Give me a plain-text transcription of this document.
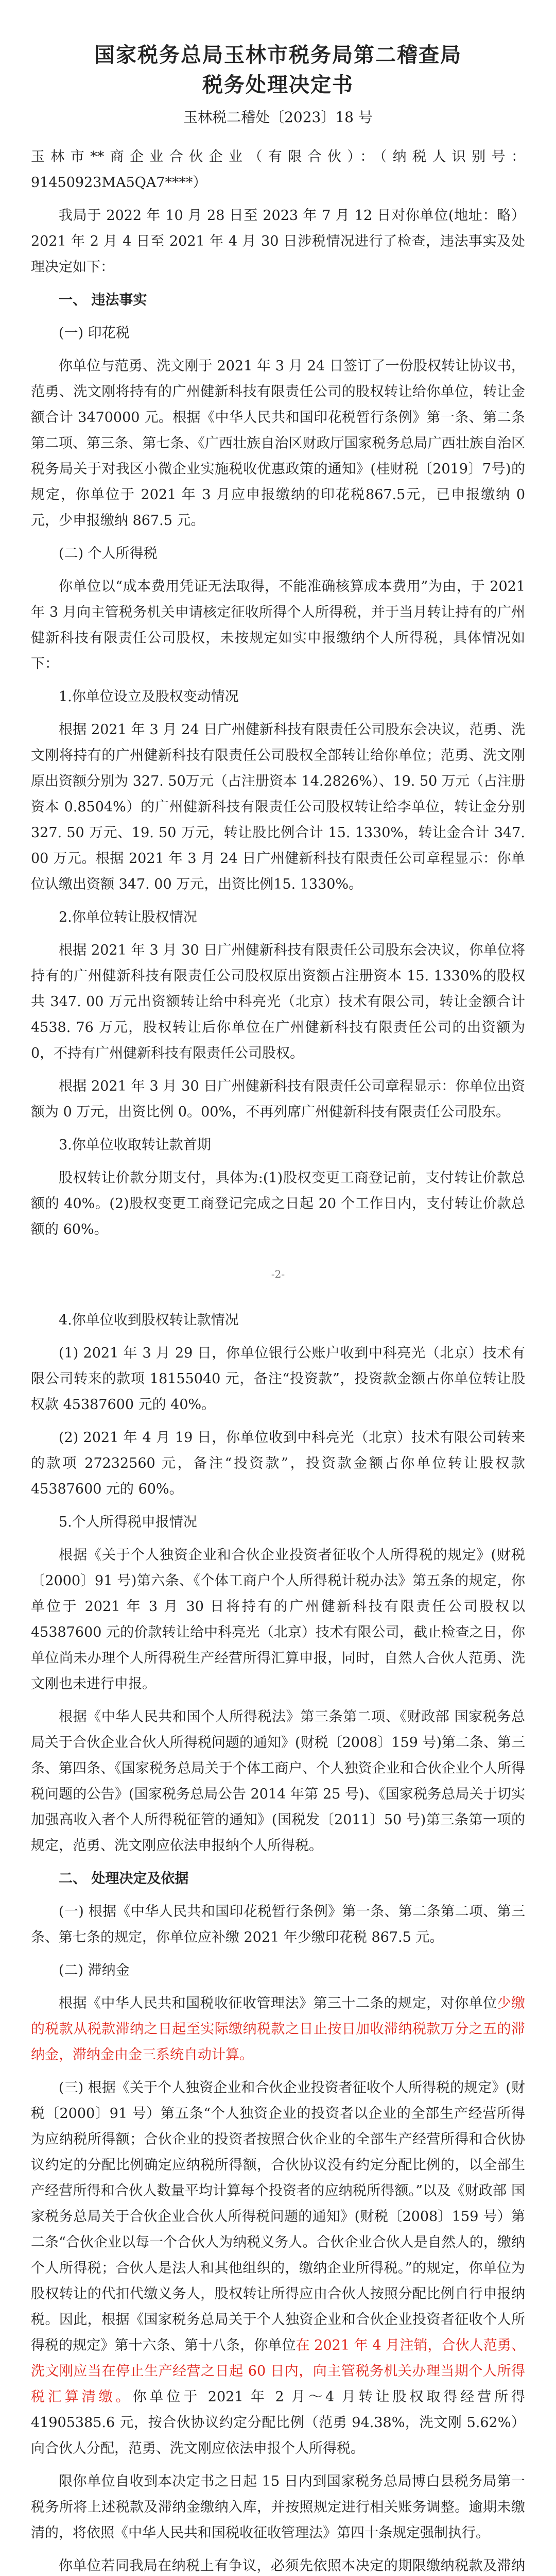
国家税务总局玉林市税务局第二稽查局
税务处理决定书
玉林税二稽处〔2023〕18 号

玉林市**商企业合伙企业（有限合伙）：（纳税人识别号：91450923MA5QA7****）

我局于 2022 年 10 月 28 日至 2023 年 7 月 12 日对你单位(地址：略）2021 年 2 月 4 日至 2021 年 4 月 30 日涉税情况进行了检查，违法事实及处理决定如下：

一、 违法事实

(一) 印花税

你单位与范勇、洗文刚于 2021 年 3 月 24 日签订了一份股权转让协议书，范勇、洗文刚将持有的广州健新科技有限责任公司的股权转让给你单位，转让金额合计 3470000 元。根据《中华人民共和国印花税暂行条例》第一条、第二条第二项、第三条、第七条、《广西壮族自治区财政厅国家税务总局广西壮族自治区税务局关于对我区小微企业实施税收优惠政策的通知》(桂财税〔2019〕7号)的规定，你单位于 2021 年 3 月应申报缴纳的印花税867.5元，已申报缴纳 0 元，少申报缴纳 867.5 元。

(二) 个人所得税

你单位以“成本费用凭证无法取得，不能准确核算成本费用”为由，于 2021 年 3 月向主管税务机关申请核定征收所得个人所得税，并于当月转让持有的广州健新科技有限责任公司股权，未按规定如实申报缴纳个人所得税，具体情况如下：

1.你单位设立及股权变动情况

根据 2021 年 3 月 24 日广州健新科技有限责任公司股东会决议，范勇、洗文刚将持有的广州健新科技有限责任公司股权全部转让给你单位；范勇、洗文刚原出资额分别为 327. 50万元（占注册资本 14.2826%）、19. 50 万元（占注册资本 0.8504%）的广州健新科技有限责任公司股权转让给李单位，转让金分别327. 50 万元、19. 50 万元，转让股比例合计 15. 1330%，转让金合计 347. 00 万元。根据 2021 年 3 月 24 日广州健新科技有限责任公司章程显示：你单位认缴出资额 347. 00 万元，出资比例15. 1330%。

2.你单位转让股权情况

根据 2021 年 3 月 30 日广州健新科技有限责任公司股东会决议，你单位将持有的广州健新科技有限责任公司股权原出资额占注册资本 15. 1330%的股权共 347. 00 万元出资额转让给中科亮光（北京）技术有限公司，转让金额合计 4538. 76 万元，股权转让后你单位在广州健新科技有限责任公司的出资额为 0，不持有广州健新科技有限责任公司股权。

根据 2021 年 3 月 30 日广州健新科技有限责任公司章程显示：你单位出资额为 0 万元，出资比例 0。00%，不再列席广州健新科技有限责任公司股东。

3.你单位收取转让款首期

股权转让价款分期支付，具体为:(1)股权变更工商登记前，支付转让价款总额的 40%。(2)股权变更工商登记完成之日起 20 个工作日内，支付转让价款总额的 60%。

-2-

4.你单位收到股权转让款情况

(1) 2021 年 3 月 29 日，你单位银行公账户收到中科亮光（北京）技术有限公司转来的款项 18155040 元，备注“投资款”，投资款金额占你单位转让股权款 45387600 元的 40%。

(2) 2021 年 4 月 19 日，你单位收到中科亮光（北京）技术有限公司转来的款项 27232560 元，备注“投资款”，投资款金额占你单位转让股权款 45387600 元的 60%。

5.个人所得税申报情况

根据《关于个人独资企业和合伙企业投资者征收个人所得税的规定》(财税〔2000〕91 号)第六条、《个体工商户个人所得税计税办法》第五条的规定，你单位于 2021 年 3 月 30 日将持有的广州健新科技有限责任公司股权以 45387600 元的价款转让给中科亮光（北京）技术有限公司，截止检查之日，你单位尚未办理个人所得税生产经营所得汇算申报，同时，自然人合伙人范勇、洗文刚也未进行申报。

根据《中华人民共和国个人所得税法》第三条第二项、《财政部 国家税务总局关于合伙企业合伙人所得税问题的通知》(财税〔2008〕159 号)第二条、第三条、第四条、《国家税务总局关于个体工商户、个人独资企业和合伙企业个人所得税问题的公告》(国家税务总局公告 2014 年第 25 号)、《国家税务总局关于切实加强高收入者个人所得税征管的通知》(国税发〔2011〕50 号)第三条第一项的规定，范勇、洗文刚应依法申报纳个人所得税。

二、 处理决定及依据

(一) 根据《中华人民共和国印花税暂行条例》第一条、第二条第二项、第三条、第七条的规定，你单位应补缴 2021 年少缴印花税 867.5 元。

(二) 滞纳金

根据《中华人民共和国税收征收管理法》第三十二条的规定，对你单位少缴的税款从税款滞纳之日起至实际缴纳税款之日止按日加收滞纳税款万分之五的滞纳金，滞纳金由金三系统自动计算。

(三) 根据《关于个人独资企业和合伙企业投资者征收个人所得税的规定》(财税〔2000〕91 号）第五条“个人独资企业的投资者以企业的全部生产经营所得为应纳税所得额；合伙企业的投资者按照合伙企业的全部生产经营所得和合伙协议约定的分配比例确定应纳税所得额，合伙协议没有约定分配比例的，以全部生产经营所得和合伙人数量平均计算每个投资者的应纳税所得额。”以及《财政部 国家税务总局关于合伙企业合伙人所得税问题的通知》(财税〔2008〕159 号）第二条“合伙企业以每一个合伙人为纳税义务人。合伙企业合伙人是自然人的，缴纳个人所得税；合伙人是法人和其他组织的，缴纳企业所得税。”的规定，你单位为股权转让的代扣代缴义务人，股权转让所得应由合伙人按照分配比例自行申报纳税。因此，根据《国家税务总局关于个人独资企业和合伙企业投资者征收个人所得税的规定》第十六条、第十八条，你单位在 2021 年 4 月注销，合伙人范勇、洗文刚应当在停止生产经营之日起 60 日内，向主管税务机关办理当期个人所得税汇算清缴。你单位于 2021 年 2 月～4 月转让股权取得经营所得 41905385.6 元，按合伙协议约定分配比例（范勇 94.38%，洗文刚 5.62%）向合伙人分配，范勇、洗文刚应依法申报个人所得税。

限你单位自收到本决定书之日起 15 日内到国家税务总局博白县税务局第一税务所将上述税款及滞纳金缴纳入库，并按照规定进行相关账务调整。逾期未缴清的，将依照《中华人民共和国税收征收管理法》第四十条规定强制执行。

你单位若同我局在纳税上有争议，必须先依照本决定的期限缴纳税款及滞纳
